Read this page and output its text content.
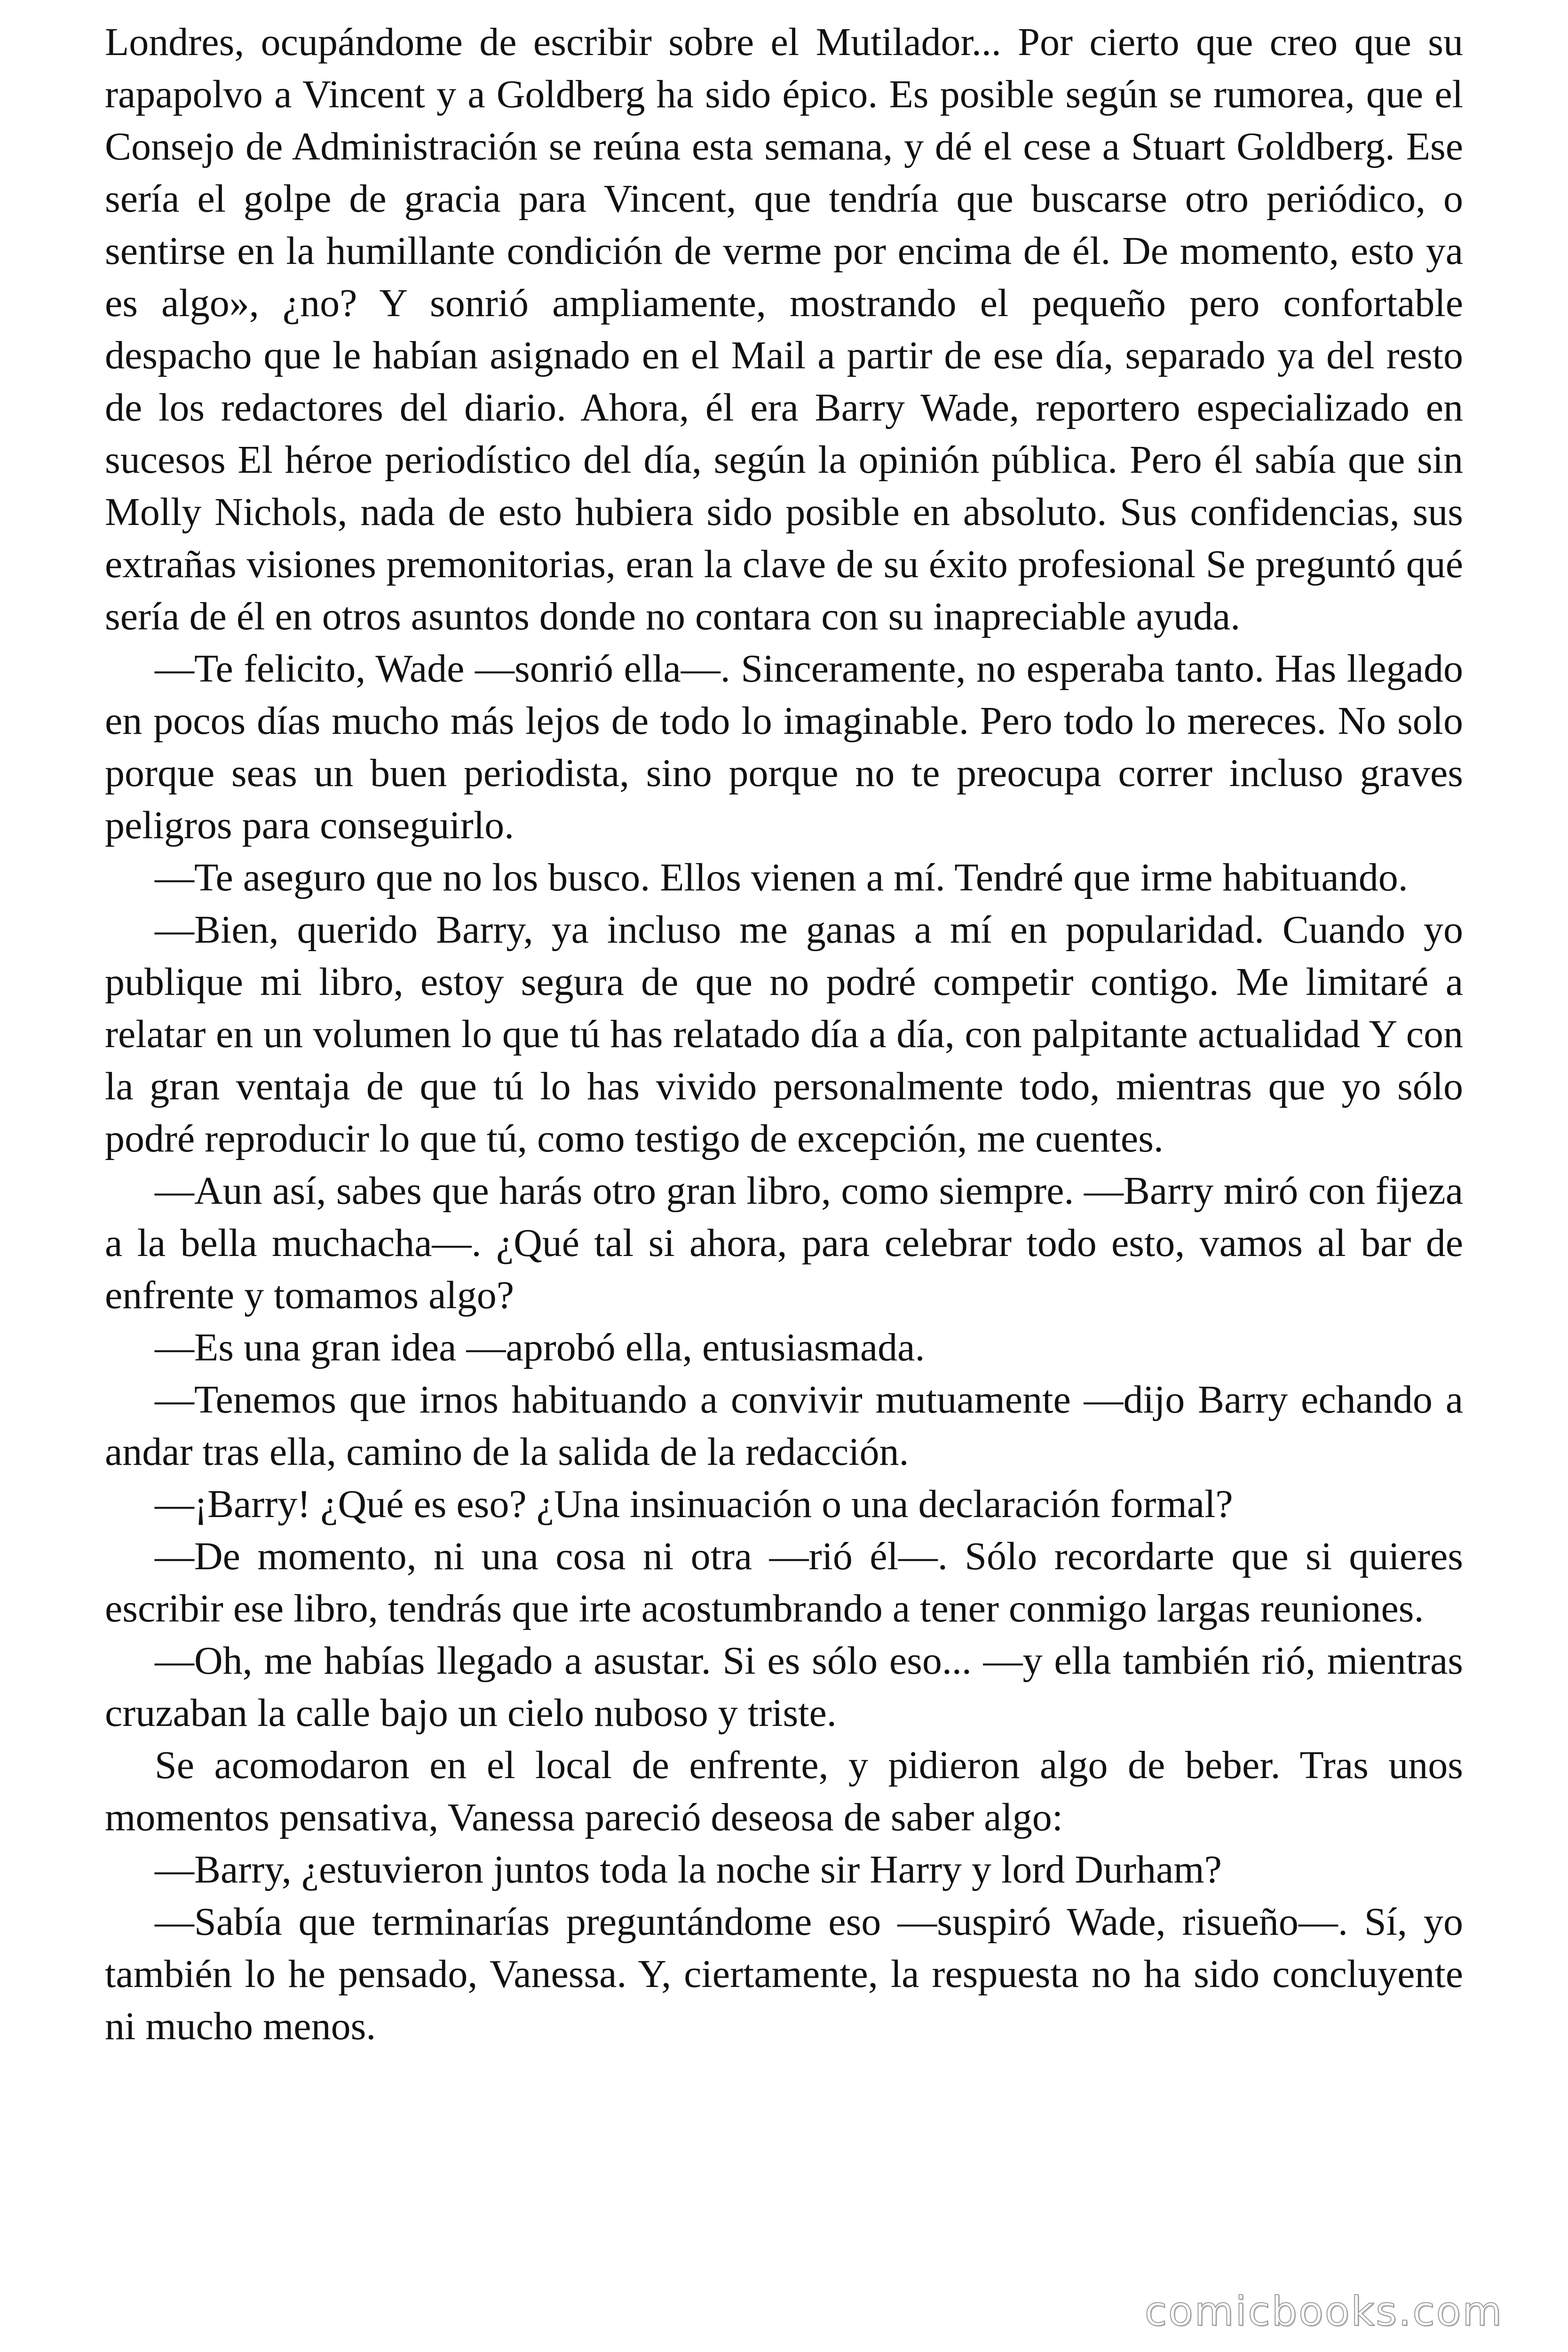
Londres, ocupándome de escribir sobre el Mutilador... Por cierto que creo que su rapapolvo a Vincent y a Goldberg ha sido épico. Es posible según se rumorea, que el Consejo de Administración se reúna esta semana, y dé el cese a Stuart Goldberg. Ese sería el golpe de gracia para Vincent, que tendría que buscarse otro periódico, o sentirse en la humillante condición de verme por encima de él. De momento, esto ya es algo», ¿no? Y sonrió ampliamente, mostrando el pequeño pero confortable despacho que le habían asignado en el Mail a partir de ese día, separado ya del resto de los redactores del diario. Ahora, él era Barry Wade, reportero especializado en sucesos El héroe periodístico del día, según la opinión pública. Pero él sabía que sin Molly Nichols, nada de esto hubiera sido posible en absoluto. Sus confidencias, sus extrañas visiones premonitorias, eran la clave de su éxito profesional Se preguntó qué sería de él en otros asuntos donde no contara con su inapreciable ayuda.

—Te felicito, Wade —sonrió ella—. Sinceramente, no esperaba tanto. Has llegado en pocos días mucho más lejos de todo lo imaginable. Pero todo lo mereces. No solo porque seas un buen periodista, sino porque no te preocupa correr incluso graves peligros para conseguirlo.

—Te aseguro que no los busco. Ellos vienen a mí. Tendré que irme habituando.

—Bien, querido Barry, ya incluso me ganas a mí en popularidad. Cuando yo publique mi libro, estoy segura de que no podré competir contigo. Me limitaré a relatar en un volumen lo que tú has relatado día a día, con palpitante actualidad Y con la gran ventaja de que tú lo has vivido personalmente todo, mientras que yo sólo podré reproducir lo que tú, como testigo de excepción, me cuentes.

—Aun así, sabes que harás otro gran libro, como siempre. —Barry miró con fijeza a la bella muchacha—. ¿Qué tal si ahora, para celebrar todo esto, vamos al bar de enfrente y tomamos algo?

—Es una gran idea —aprobó ella, entusiasmada.

—Tenemos que irnos habituando a convivir mutuamente —dijo Barry echando a andar tras ella, camino de la salida de la redacción.

—¡Barry! ¿Qué es eso? ¿Una insinuación o una declaración formal?

—De momento, ni una cosa ni otra —rió él—. Sólo recordarte que si quieres escribir ese libro, tendrás que irte acostumbrando a tener conmigo largas reuniones.

—Oh, me habías llegado a asustar. Si es sólo eso... —y ella también rió, mientras cruzaban la calle bajo un cielo nuboso y triste.

Se acomodaron en el local de enfrente, y pidieron algo de beber. Tras unos momentos pensativa, Vanessa pareció deseosa de saber algo:

—Barry, ¿estuvieron juntos toda la noche sir Harry y lord Durham?

—Sabía que terminarías preguntándome eso —suspiró Wade, risueño—. Sí, yo también lo he pensado, Vanessa. Y, ciertamente, la respuesta no ha sido concluyente ni mucho menos.

comicbooks.com
